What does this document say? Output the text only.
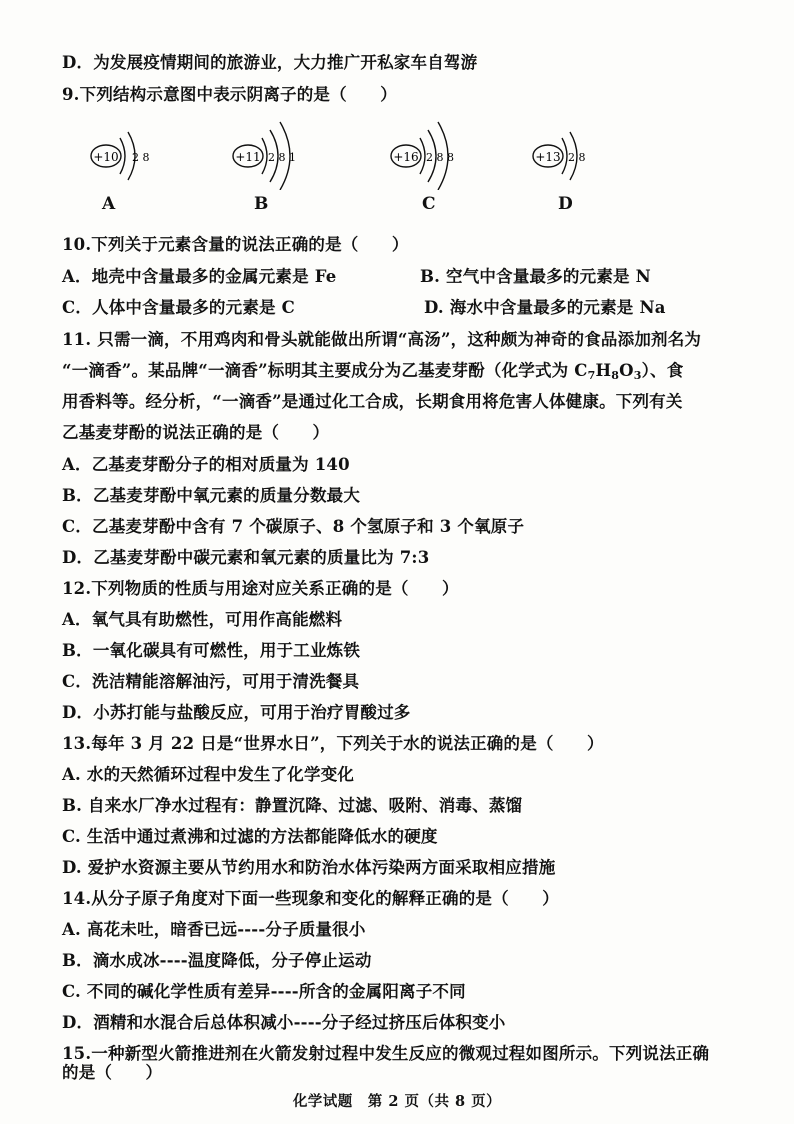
D．为发展疫情期间的旅游业，大力推广开私家车自驾游
9.下列结构示意图中表示阴离子的是（　　）
+10 2 8
A
+11 2 8 1
B
+16 2 8 8
C
+13 2 8
D
10.下列关于元素含量的说法正确的是（　　）
A．地壳中含量最多的金属元素是 Fe	B. 空气中含量最多的元素是 N
C．人体中含量最多的元素是 C	D. 海水中含量最多的元素是 Na
11. 只需一滴，不用鸡肉和骨头就能做出所谓“高汤”，这种颇为神奇的食品添加剂名为
“一滴香”。某品牌“一滴香”标明其主要成分为乙基麦芽酚（化学式为 $C_7H_8O_3$）、食
用香料等。经分析，“一滴香”是通过化工合成，长期食用将危害人体健康。下列有关
乙基麦芽酚的说法正确的是（　　）
A．乙基麦芽酚分子的相对质量为 140
B．乙基麦芽酚中氧元素的质量分数最大
C．乙基麦芽酚中含有 7 个碳原子、8 个氢原子和 3 个氧原子
D．乙基麦芽酚中碳元素和氧元素的质量比为 7:3
12.下列物质的性质与用途对应关系正确的是（　　）
A．氧气具有助燃性，可用作高能燃料
B．一氧化碳具有可燃性，用于工业炼铁
C．洗洁精能溶解油污，可用于清洗餐具
D．小苏打能与盐酸反应，可用于治疗胃酸过多
13.每年 3 月 22 日是“世界水日”，下列关于水的说法正确的是（　　）
A. 水的天然循环过程中发生了化学变化
B. 自来水厂净水过程有：静置沉降、过滤、吸附、消毒、蒸馏
C. 生活中通过煮沸和过滤的方法都能降低水的硬度
D. 爱护水资源主要从节约用水和防治水体污染两方面采取相应措施
14.从分子原子角度对下面一些现象和变化的解释正确的是（　　）
A. 高花未吐，暗香已远----分子质量很小
B．滴水成冰----温度降低，分子停止运动
C. 不同的碱化学性质有差异----所含的金属阳离子不同
D．酒精和水混合后总体积减小----分子经过挤压后体积变小
15.一种新型火箭推进剂在火箭发射过程中发生反应的微观过程如图所示。下列说法正确
的是（　　）
化学试题　第 2 页（共 8 页）
